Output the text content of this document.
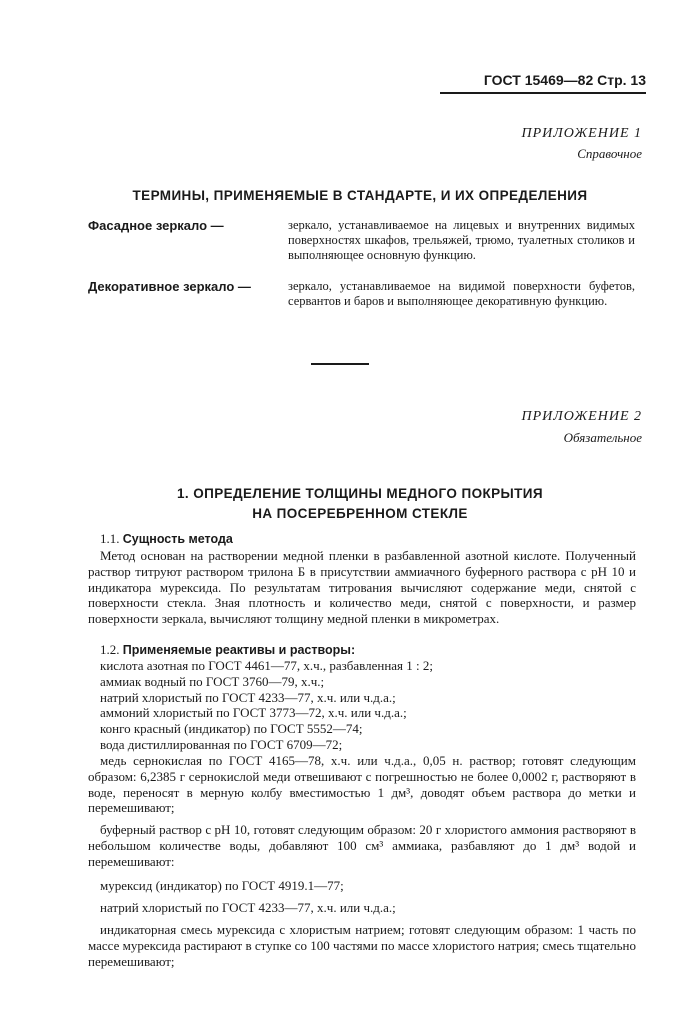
ГОСТ 15469—82 Стр. 13
ПРИЛОЖЕНИЕ 1
Справочное
ТЕРМИНЫ, ПРИМЕНЯЕМЫЕ В СТАНДАРТЕ, И ИХ ОПРЕДЕЛЕНИЯ
Фасадное зеркало —	зеркало, устанавливаемое на лицевых и внутренних видимых поверхностях шкафов, трельяжей, трюмо, туалетных столиков и выполняющее основную функцию.
Декоративное зеркало —	зеркало, устанавливаемое на видимой поверхности буфетов, сервантов и баров и выполняющее декоративную функцию.
ПРИЛОЖЕНИЕ 2
Обязательное
1. ОПРЕДЕЛЕНИЕ ТОЛЩИНЫ МЕДНОГО ПОКРЫТИЯ
НА ПОСЕРЕБРЕННОМ СТЕКЛЕ
1.1. Сущность метода
Метод основан на растворении медной пленки в разбавленной азотной кислоте. Полученный раствор титруют раствором трилона Б в присутствии аммиачного буферного раствора с pH 10 и индикатора мурексида. По результатам титрования вычисляют содержание меди, снятой с поверхности стекла. Зная плотность и количество меди, снятой с поверхности, и размер поверхности зеркала, вычисляют толщину медной пленки в микрометрах.
1.2. Применяемые реактивы и растворы:
кислота азотная по ГОСТ 4461—77, х.ч., разбавленная 1 : 2;
аммиак водный по ГОСТ 3760—79, х.ч.;
натрий хлористый по ГОСТ 4233—77, х.ч. или ч.д.а.;
аммоний хлористый по ГОСТ 3773—72, х.ч. или ч.д.а.;
конго красный (индикатор) по ГОСТ 5552—74;
вода дистиллированная по ГОСТ 6709—72;
медь сернокислая по ГОСТ 4165—78, х.ч. или ч.д.а., 0,05 н. раствор; готовят следующим образом: 6,2385 г сернокислой меди отвешивают с погрешностью не более 0,0002 г, растворяют в воде, переносят в мерную колбу вместимостью 1 дм³, доводят объем раствора до метки и перемешивают;
буферный раствор с pH 10, готовят следующим образом: 20 г хлористого аммония растворяют в небольшом количестве воды, добавляют 100 см³ аммиака, разбавляют до 1 дм³ водой и перемешивают:
мурексид (индикатор) по ГОСТ 4919.1—77;
натрий хлористый по ГОСТ 4233—77, х.ч. или ч.д.а.;
индикаторная смесь мурексида с хлористым натрием; готовят следующим образом: 1 часть по массе мурексида растирают в ступке со 100 частями по массе хлористого натрия; смесь тщательно перемешивают;
